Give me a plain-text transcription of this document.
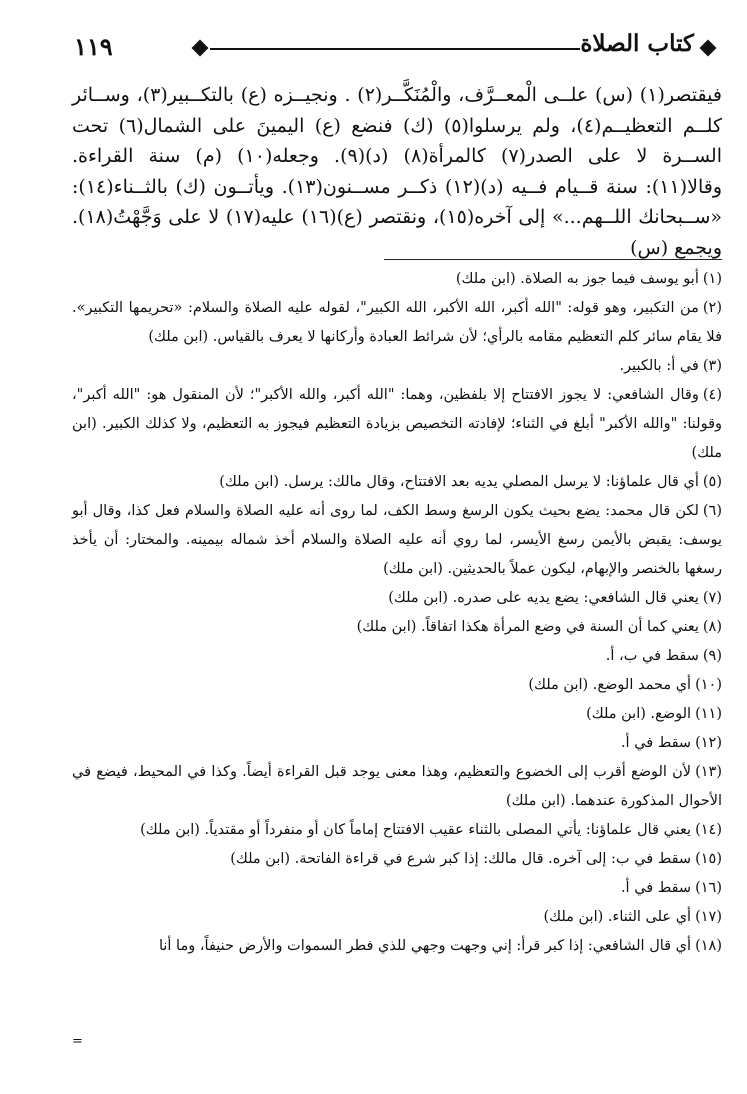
١١٩	كتاب الصلاة
فيقتصر(١) (س) علــى الْمعــرَّف، والْمُنَكَّــر(٢) . ونجيــزه (ع) بالتكــبير(٣)، وســائر كلــم التعظيــم(٤)، ولم يرسلوا(٥) (ك) فنضع (ع) اليمينَ على الشمال(٦) تحت الســرة لا على الصدر(٧) كالمرأة(٨) (د)(٩). وجعله(١٠) (م) سنة القراءة. وقالا(١١): سنة قــيام فــيه (د)(١٢) ذكــر مســنون(١٣). ويأتــون (ك) بالثــناء(١٤): «ســبحانك اللــهم...» إلى آخره(١٥)، ونقتصر (ع)(١٦) عليه(١٧) لا على وَجَّهْتُ(١٨). ويجمع (س)
(١)أبو يوسف فيما جوز به الصلاة. (ابن ملك)
(٢)من التكبير، وهو قوله: "الله أكبر، الله الأكبر، الله الكبير"، لقوله عليه الصلاة والسلام: «تحريمها التكبير». فلا يقام سائر كلم التعظيم مقامه بالرأي؛ لأن شرائط العبادة وأركانها لا يعرف بالقياس. (ابن ملك)
(٣)في أ: بالكبير.
(٤)وقال الشافعي: لا يجوز الافتتاح إلا بلفظين، وهما: "الله أكبر، والله الأكبر"؛ لأن المنقول هو: "الله أكبر"، وقولنا: "والله الأكبر" أبلغ في الثناء؛ لإفادته التخصيص بزيادة التعظيم فيجوز به التعظيم، ولا كذلك الكبير. (ابن ملك)
(٥)أي قال علماؤنا: لا يرسل المصلي يديه بعد الافتتاح، وقال مالك: يرسل. (ابن ملك)
(٦)لكن قال محمد: يضع بحيث يكون الرسغ وسط الكف، لما روى أنه عليه الصلاة والسلام فعل كذا، وقال أبو يوسف: يقبض بالأيمن رسغ الأيسر، لما روي أنه عليه الصلاة والسلام أخذ شماله بيمينه. والمختار: أن يأخذ رسغها بالخنصر والإبهام، ليكون عملاً بالحديثين. (ابن ملك)
(٧)يعني قال الشافعي: يضع يديه على صدره. (ابن ملك)
(٨)يعني كما أن السنة في وضع المرأة هكذا اتفاقاً. (ابن ملك)
(٩)سقط في ب، أ.
(١٠)أي محمد الوضع. (ابن ملك)
(١١)الوضع. (ابن ملك)
(١٢)سقط في أ.
(١٣)لأن الوضع أقرب إلى الخضوع والتعظيم، وهذا معنى يوجد قبل القراءة أيضاً. وكذا في المحيط، فيضع في الأحوال المذكورة عندهما. (ابن ملك)
(١٤)يعني قال علماؤنا: يأتي المصلى بالثناء عقيب الافتتاح إماماً كان أو منفرداً أو مقتدياً. (ابن ملك)
(١٥)سقط في ب: إلى آخره. قال مالك: إذا كبر شرع في قراءة الفاتحة. (ابن ملك)
(١٦)سقط في أ.
(١٧)أي على الثناء. (ابن ملك)
(١٨)أي قال الشافعي: إذا كبر قرأ: إني وجهت وجهي للذي فطر السموات والأرض حنيفاً، وما أنا
=
